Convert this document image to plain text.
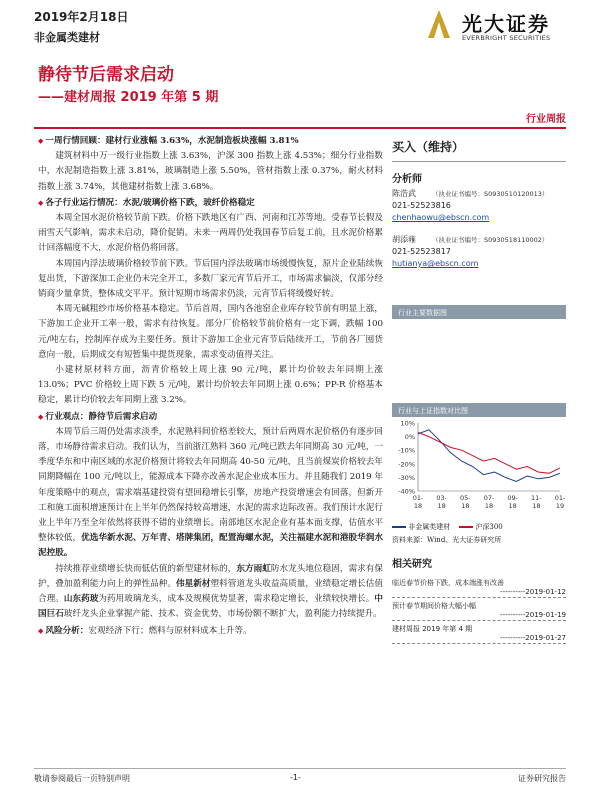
2019年2月18日
非金属类建材
光大证券
EVERBRIGHT SECURITIES
静待节后需求启动
——建材周报 2019 年第 5 期
行业周报
◆ 一周行情回顾：建材行业涨幅 3.63%，水泥制造板块涨幅 3.81%

建筑材料中万一级行业指数上涨 3.63%，沪深 300 指数上涨 4.53%；细分行业指数中，水泥制造指数上涨 3.81%，玻璃制造上涨 5.50%，管材指数上涨 0.37%，耐火材料指数上涨 3.74%，其他建材指数上涨 3.68%。

◆ 各子行业运行情况：水泥/玻璃价格下跌，玻纤价格稳定

本周全国水泥价格较节前下跌。价格下跌地区有广西、河南和江苏等地。受春节长假及雨雪天气影响，需求未启动，降价促销。未来一两周仍处我国春节后复工前，且水泥价格累计回落幅度不大，水泥价格仍将回落。

本周国内浮法玻璃价格较节前下跌。节后国内浮法玻璃市场缓慢恢复，原片企业陆续恢复出货，下游深加工企业仍未完全开工，多数厂家元宵节后开工，市场需求偏淡，仅部分经销商少量拿货，整体成交平平。预计短期市场需求仍淡，元宵节后将缓慢好转。

本周无碱粗纱市场价格基本稳定。节后首周，国内各池窑企业库存较节前有明显上涨，下游加工企业开工率一般，需求有待恢复。部分厂价格较节前价格有一定下调，跌幅 100 元/吨左右，控制库存成为主要任务。预计下游加工企业元宵节后陆续开工，节前各厂囤货意向一般，后期成交有短暂集中提货现象，需求变动值得关注。

小建材原材料方面，沥青价格较上周上涨 90 元/吨，累计均价较去年同期上涨 13.0%；PVC 价格较上周下跌 5 元/吨，累计均价较去年同期上涨 0.6%；PP-R 价格基本稳定，累计均价较去年同期上涨 3.2%。

◆ 行业观点：静待节后需求启动

本周节后三周仍处需求淡季，水泥熟料间价格差较大，预计后两周水泥价格仍有逐步回落，市场静待需求启动。我们认为，当前浙江熟料 360 元/吨已跌去年同期高 30 元/吨，一季度华东和中南区域的水泥价格预计将较去年同期高 40-50 元/吨，且当前煤炭价格较去年同期降幅在 100 元/吨以上，能源成本下降亦改善水泥企业成本压力。并且随我们 2019 年年度策略中的观点，需求端基建投资有望回稳增长引擎，房地产投资增速会有回落，但新开工和施工面积增速预计在上半年仍然保持较高增速，水泥的需求边际改善。我们预计水泥行业上半年乃至全年依然将获得不错的业绩增长。南部地区水泥企业有基本面支撑，估值水平整体较低，优选华新水泥、万年青、塔牌集团，配置海螺水泥，关注福建水泥和港股华润水泥控股。

持续推荐业绩增长快而低估值的新型建材标的，东方雨虹防水龙头地位稳固，需求有保护，叠加盈利能力向上的弹性品种。伟星新材塑料管道龙头收益高质量，业绩稳定增长估值合理。山东药玻为药用玻璃龙头，成本及规模优势显著，需求稳定增长，业绩较快增长。中国巨石玻纤龙头企业掌握产能、技术、资金优势，市场份额不断扩大，盈利能力持续提升。

◆ 风险分析：宏观经济下行；燃料与原材料成本上升等。
买入（维持）
分析师
陈浩武 （执业证书编号：S0930510120013）
021-52523816
chenhaowu@ebscn.com
胡添雍 （执业证书编号：S0930518110002）
021-52523817
hutianya@ebscn.com
行业主要数据图
行业与上证指数对比图
10%
0%
-10%
-20%
-30%
-40%
01-
18
03-
18
05-
18
07-
18
09-
18
11-
18
01-
19
非金属类建材	沪深300
资料来源：Wind、光大证券研究所
相关研究
临近春节价格下跌，成本端涨有改善
----------2019-01-12
预计春节期间价格大幅小幅
----------2019-01-19
建材周报 2019 年第 4 期
----------2019-01-27
敬请参阅最后一页特别声明	-1-	证券研究报告
